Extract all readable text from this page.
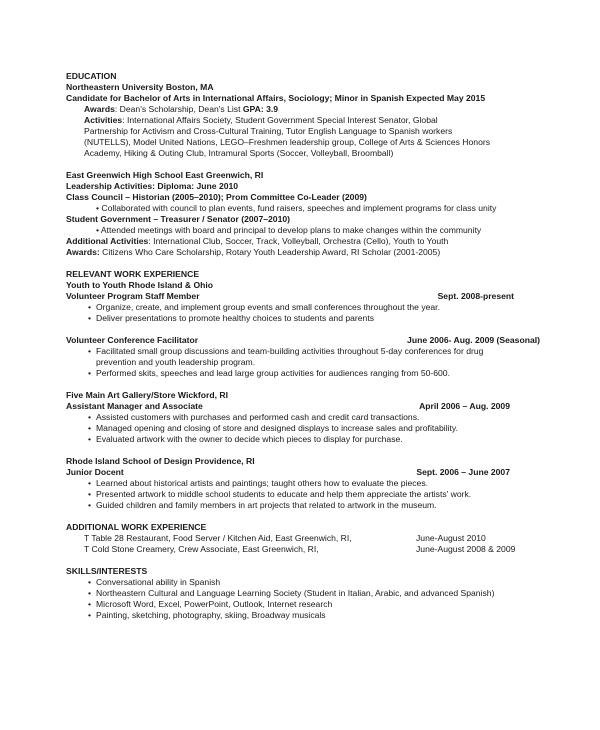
EDUCATION
Northeastern University Boston, MA
Candidate for Bachelor of Arts in International Affairs, Sociology; Minor in Spanish Expected May 2015
Awards: Dean's Scholarship, Dean's List GPA: 3.9
Activities: International Affairs Society, Student Government Special Interest Senator, Global
Partnership for Activism and Cross-Cultural Training, Tutor English Language to Spanish workers
(NUTELLS), Model United Nations, LEGO–Freshmen leadership group, College of Arts & Sciences Honors
Academy, Hiking & Outing Club, Intramural Sports (Soccer, Volleyball, Broomball)
East Greenwich High School East Greenwich, RI
Leadership Activities: Diploma: June 2010
Class Council – Historian (2005–2010); Prom Committee Co-Leader (2009)
• Collaborated with council to plan events, fund raisers, speeches and implement programs for class unity
Student Government – Treasurer / Senator (2007–2010)
• Attended meetings with board and principal to develop plans to make changes within the community
Additional Activities: International Club, Soccer, Track, Volleyball, Orchestra (Cello), Youth to Youth
Awards: Citizens Who Care Scholarship, Rotary Youth Leadership Award, RI Scholar (2001-2005)
RELEVANT WORK EXPERIENCE
Youth to Youth Rhode Island & Ohio
Volunteer Program Staff Member	Sept. 2008-present
• Organize, create, and implement group events and small conferences throughout the year.
• Deliver presentations to promote healthy choices to students and parents
Volunteer Conference Facilitator	June 2006- Aug. 2009 (Seasonal)
• Facilitated small group discussions and team-building activities throughout 5-day conferences for drug
prevention and youth leadership program.
• Performed skits, speeches and lead large group activities for audiences ranging from 50-600.
Five Main Art Gallery/Store Wickford, RI
Assistant Manager and Associate	April 2006 – Aug. 2009
• Assisted customers with purchases and performed cash and credit card transactions.
• Managed opening and closing of store and designed displays to increase sales and profitability.
• Evaluated artwork with the owner to decide which pieces to display for purchase.
Rhode Island School of Design Providence, RI
Junior Docent	Sept. 2006 – June 2007
• Learned about historical artists and paintings; taught others how to evaluate the pieces.
• Presented artwork to middle school students to educate and help them appreciate the artists' work.
• Guided children and family members in art projects that related to artwork in the museum.
ADDITIONAL WORK EXPERIENCE
T Table 28 Restaurant, Food Server / Kitchen Aid, East Greenwich, RI,	June-August 2010
T Cold Stone Creamery, Crew Associate, East Greenwich, RI,	June-August 2008 & 2009
SKILLS/INTERESTS
• Conversational ability in Spanish
• Northeastern Cultural and Language Learning Society (Student in Italian, Arabic, and advanced Spanish)
• Microsoft Word, Excel, PowerPoint, Outlook, Internet research
• Painting, sketching, photography, skiing, Broadway musicals
